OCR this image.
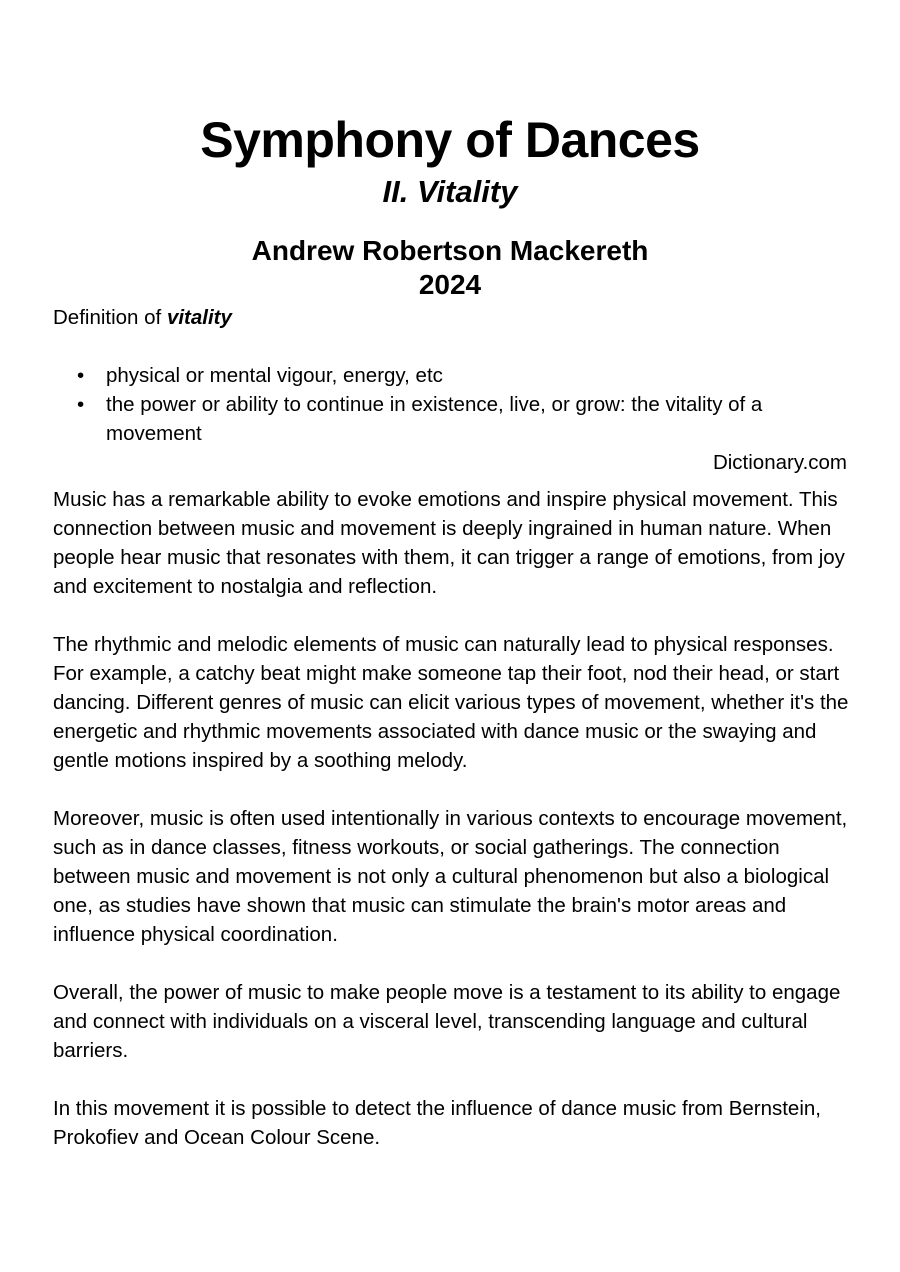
Symphony of Dances
II. Vitality
Andrew Robertson Mackereth
2024
Definition of vitality
• physical or mental vigour, energy, etc
• the power or ability to continue in existence, live, or grow: the vitality of a movement
Dictionary.com

Music has a remarkable ability to evoke emotions and inspire physical movement. This connection between music and movement is deeply ingrained in human nature. When people hear music that resonates with them, it can trigger a range of emotions, from joy and excitement to nostalgia and reflection.

The rhythmic and melodic elements of music can naturally lead to physical responses. For example, a catchy beat might make someone tap their foot, nod their head, or start dancing. Different genres of music can elicit various types of movement, whether it's the energetic and rhythmic movements associated with dance music or the swaying and gentle motions inspired by a soothing melody.

Moreover, music is often used intentionally in various contexts to encourage movement, such as in dance classes, fitness workouts, or social gatherings. The connection between music and movement is not only a cultural phenomenon but also a biological one, as studies have shown that music can stimulate the brain's motor areas and influence physical coordination.

Overall, the power of music to make people move is a testament to its ability to engage and connect with individuals on a visceral level, transcending language and cultural barriers.

In this movement it is possible to detect the influence of dance music from Bernstein, Prokofiev and Ocean Colour Scene.
